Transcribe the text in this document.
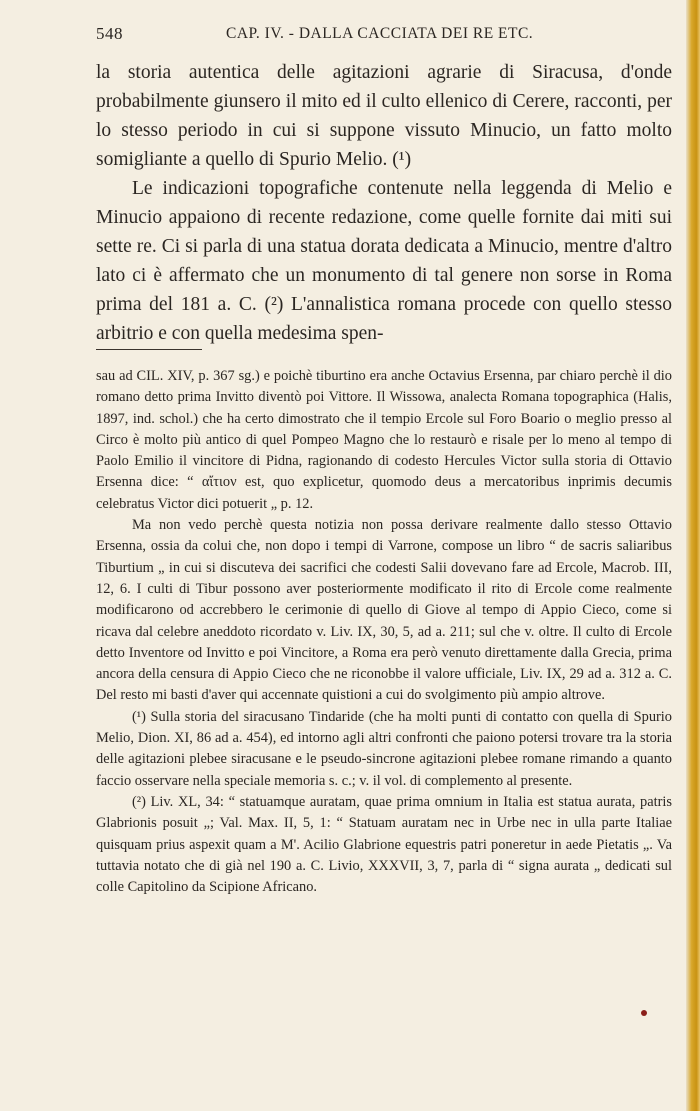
548	CAP. IV. - DALLA CACCIATA DEI RE ETC.

la storia autentica delle agitazioni agrarie di Siracusa, d'onde probabilmente giunsero il mito ed il culto ellenico di Cerere, racconti, per lo stesso periodo in cui si suppone vissuto Minucio, un fatto molto somigliante a quello di Spurio Melio. (¹)

Le indicazioni topografiche contenute nella leggenda di Melio e Minucio appaiono di recente redazione, come quelle fornite dai miti sui sette re. Ci si parla di una statua dorata dedicata a Minucio, mentre d'altro lato ci è affermato che un monumento di tal genere non sorse in Roma prima del 181 a. C. (²) L'annalistica romana procede con quello stesso arbitrio e con quella medesima spen-

sau ad CIL. XIV, p. 367 sg.) e poichè tiburtino era anche Octavius Ersenna, par chiaro perchè il dio romano detto prima Invitto diventò poi Vittore. Il Wissowa, analecta Romana topographica (Halis, 1897, ind. schol.) che ha certo dimostrato che il tempio Ercole sul Foro Boario o meglio presso al Circo è molto più antico di quel Pompeo Magno che lo restaurò e risale per lo meno al tempo di Paolo Emilio il vincitore di Pidna, ragionando di codesto Hercules Victor sulla storia di Ottavio Ersenna dice: “ αἴτιον est, quo explicetur, quomodo deus a mercatoribus inprimis decumis celebratus Victor dici potuerit „ p. 12.

Ma non vedo perchè questa notizia non possa derivare realmente dallo stesso Ottavio Ersenna, ossia da colui che, non dopo i tempi di Varrone, compose un libro “ de sacris saliaribus Tiburtium „ in cui si discuteva dei sacrifici che codesti Salii dovevano fare ad Ercole, Macrob. III, 12, 6. I culti di Tibur possono aver posteriormente modificato il rito di Ercole come realmente modificarono od accrebbero le cerimonie di quello di Giove al tempo di Appio Cieco, come si ricava dal celebre aneddoto ricordato v. Liv. IX, 30, 5, ad a. 211; sul che v. oltre. Il culto di Ercole detto Inventore od Invitto e poi Vincitore, a Roma era però venuto direttamente dalla Grecia, prima ancora della censura di Appio Cieco che ne riconobbe il valore ufficiale, Liv. IX, 29 ad a. 312 a. C. Del resto mi basti d'aver qui accennate quistioni a cui do svolgimento più ampio altrove.

(¹) Sulla storia del siracusano Tindaride (che ha molti punti di contatto con quella di Spurio Melio, Dion. XI, 86 ad a. 454), ed intorno agli altri confronti che paiono potersi trovare tra la storia delle agitazioni plebee siracusane e le pseudo-sincrone agitazioni plebee romane rimando a quanto faccio osservare nella speciale memoria s. c.; v. il vol. di complemento al presente.

(²) Liv. XL, 34: “ statuamque auratam, quae prima omnium in Italia est statua aurata, patris Glabrionis posuit „; Val. Max. II, 5, 1: “ Statuam auratam nec in Urbe nec in ulla parte Italiae quisquam prius aspexit quam a M'. Acilio Glabrione equestris patri poneretur in aede Pietatis „. Va tuttavia notato che di già nel 190 a. C. Livio, XXXVII, 3, 7, parla di “ signa aurata „ dedicati sul colle Capitolino da Scipione Africano.
